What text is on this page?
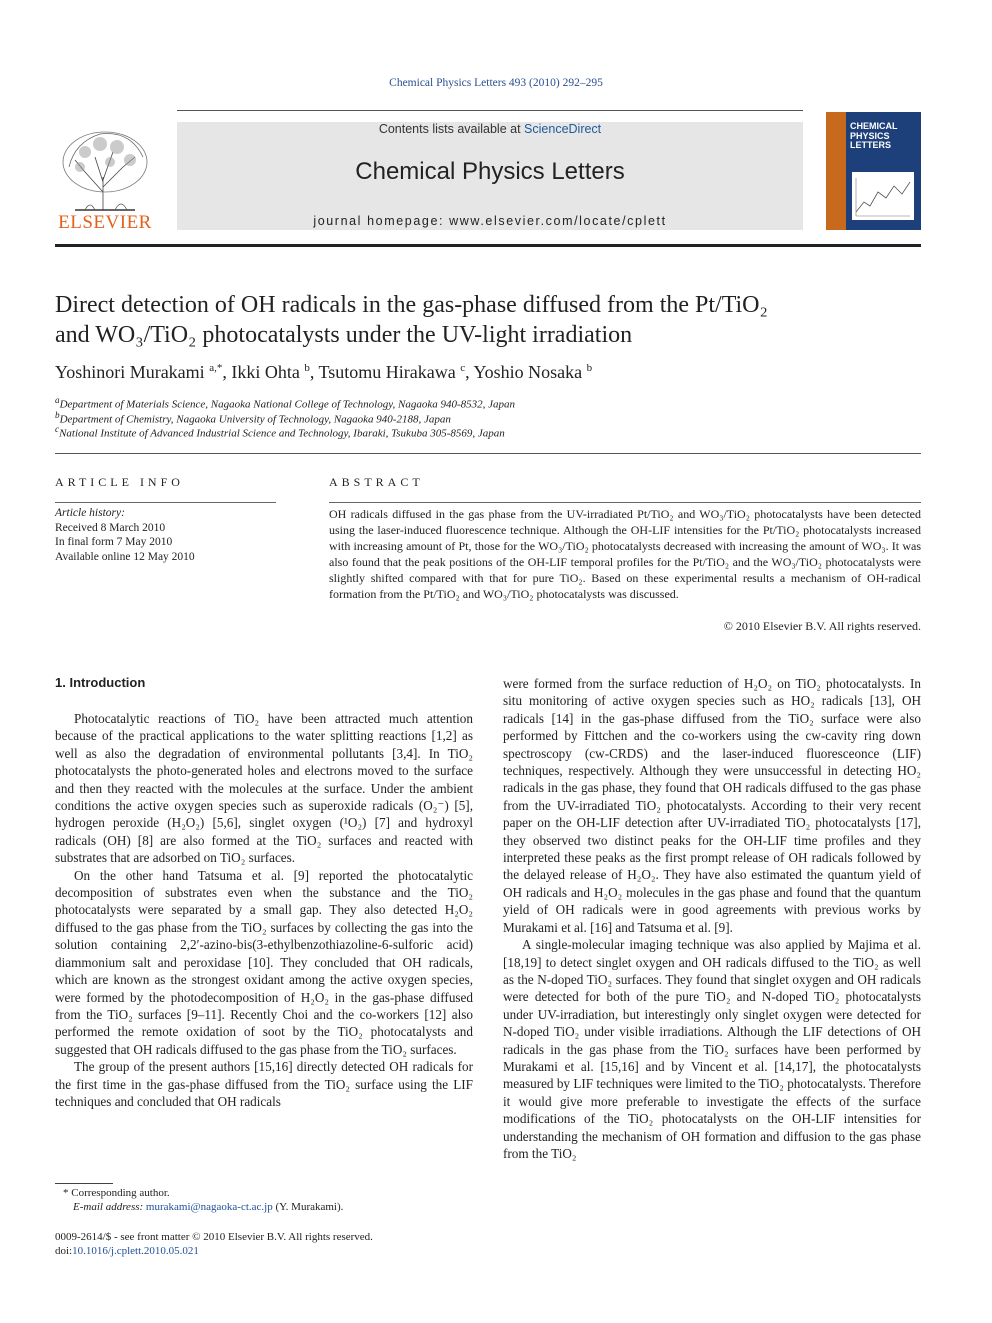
Chemical Physics Letters 493 (2010) 292–295
ELSEVIER
Contents lists available at ScienceDirect
Chemical Physics Letters
journal homepage: www.elsevier.com/locate/cplett
CHEMICAL PHYSICS LETTERS
Direct detection of OH radicals in the gas-phase diffused from the Pt/TiO₂
and WO₃/TiO₂ photocatalysts under the UV-light irradiation
Yoshinori Murakami $^{a,*}$, Ikki Ohta $^b$, Tsutomu Hirakawa $^c$, Yoshio Nosaka $^b$
$^a$Department of Materials Science, Nagaoka National College of Technology, Nagaoka 940-8532, Japan
$^b$Department of Chemistry, Nagaoka University of Technology, Nagaoka 940-2188, Japan
$^c$National Institute of Advanced Industrial Science and Technology, Ibaraki, Tsukuba 305-8569, Japan
ARTICLE INFO	ABSTRACT
Article history:
Received 8 March 2010
In final form 7 May 2010
Available online 12 May 2010
OH radicals diffused in the gas phase from the UV-irradiated Pt/TiO₂ and WO₃/TiO₂ photocatalysts have been detected using the laser-induced fluorescence technique. Although the OH-LIF intensities for the Pt/TiO₂ photocatalysts increased with increasing amount of Pt, those for the WO₃/TiO₂ photocatalysts decreased with increasing the amount of WO₃. It was also found that the peak positions of the OH-LIF temporal profiles for the Pt/TiO₂ and the WO₃/TiO₂ photocatalysts were slightly shifted compared with that for pure TiO₂. Based on these experimental results a mechanism of OH-radical formation from the Pt/TiO₂ and WO₃/TiO₂ photocatalysts was discussed.
© 2010 Elsevier B.V. All rights reserved.
1. Introduction

Photocatalytic reactions of TiO₂ have been attracted much attention because of the practical applications to the water splitting reactions [1,2] as well as also the degradation of environmental pollutants [3,4]. In TiO₂ photocatalysts the photo-generated holes and electrons moved to the surface and then they reacted with the molecules at the surface. Under the ambient conditions the active oxygen species such as superoxide radicals (O₂⁻) [5], hydrogen peroxide (H₂O₂) [5,6], singlet oxygen (¹O₂) [7] and hydroxyl radicals (OH) [8] are also formed at the TiO₂ surfaces and reacted with substrates that are adsorbed on TiO₂ surfaces.

On the other hand Tatsuma et al. [9] reported the photocatalytic decomposition of substrates even when the substance and the TiO₂ photocatalysts were separated by a small gap. They also detected H₂O₂ diffused to the gas phase from the TiO₂ surfaces by collecting the gas into the solution containing 2,2′-azino-bis(3-ethylbenzothiazoline-6-sulforic acid) diammonium salt and peroxidase [10]. They concluded that OH radicals, which are known as the strongest oxidant among the active oxygen species, were formed by the photodecomposition of H₂O₂ in the gas-phase diffused from the TiO₂ surfaces [9–11]. Recently Choi and the co-workers [12] also performed the remote oxidation of soot by the TiO₂ photocatalysts and suggested that OH radicals diffused to the gas phase from the TiO₂ surfaces.

The group of the present authors [15,16] directly detected OH radicals for the first time in the gas-phase diffused from the TiO₂ surface using the LIF techniques and concluded that OH radicals

were formed from the surface reduction of H₂O₂ on TiO₂ photocatalysts. In situ monitoring of active oxygen species such as HO₂ radicals [13], OH radicals [14] in the gas-phase diffused from the TiO₂ surface were also performed by Fittchen and the co-workers using the cw-cavity ring down spectroscopy (cw-CRDS) and the laser-induced fluoresceonce (LIF) techniques, respectively. Although they were unsuccessful in detecting HO₂ radicals in the gas phase, they found that OH radicals diffused to the gas phase from the UV-irradiated TiO₂ photocatalysts. According to their very recent paper on the OH-LIF detection after UV-irradiated TiO₂ photocatalysts [17], they observed two distinct peaks for the OH-LIF time profiles and they interpreted these peaks as the first prompt release of OH radicals followed by the delayed release of H₂O₂. They have also estimated the quantum yield of OH radicals and H₂O₂ molecules in the gas phase and found that the quantum yield of OH radicals were in good agreements with previous works by Murakami et al. [16] and Tatsuma et al. [9].

A single-molecular imaging technique was also applied by Majima et al. [18,19] to detect singlet oxygen and OH radicals diffused to the TiO₂ as well as the N-doped TiO₂ surfaces. They found that singlet oxygen and OH radicals were detected for both of the pure TiO₂ and N-doped TiO₂ photocatalysts under UV-irradiation, but interestingly only singlet oxygen were detected for N-doped TiO₂ under visible irradiations. Although the LIF detections of OH radicals in the gas phase from the TiO₂ surfaces have been performed by Murakami et al. [15,16] and by Vincent et al. [14,17], the photocatalysts measured by LIF techniques were limited to the TiO₂ photocatalysts. Therefore it would give more preferable to investigate the effects of the surface modifications of the TiO₂ photocatalysts on the OH-LIF intensities for understanding the mechanism of OH formation and diffusion to the gas phase from the TiO₂

* Corresponding author.
E-mail address: murakami@nagaoka-ct.ac.jp (Y. Murakami).
0009-2614/$ - see front matter © 2010 Elsevier B.V. All rights reserved.
doi:10.1016/j.cplett.2010.05.021
